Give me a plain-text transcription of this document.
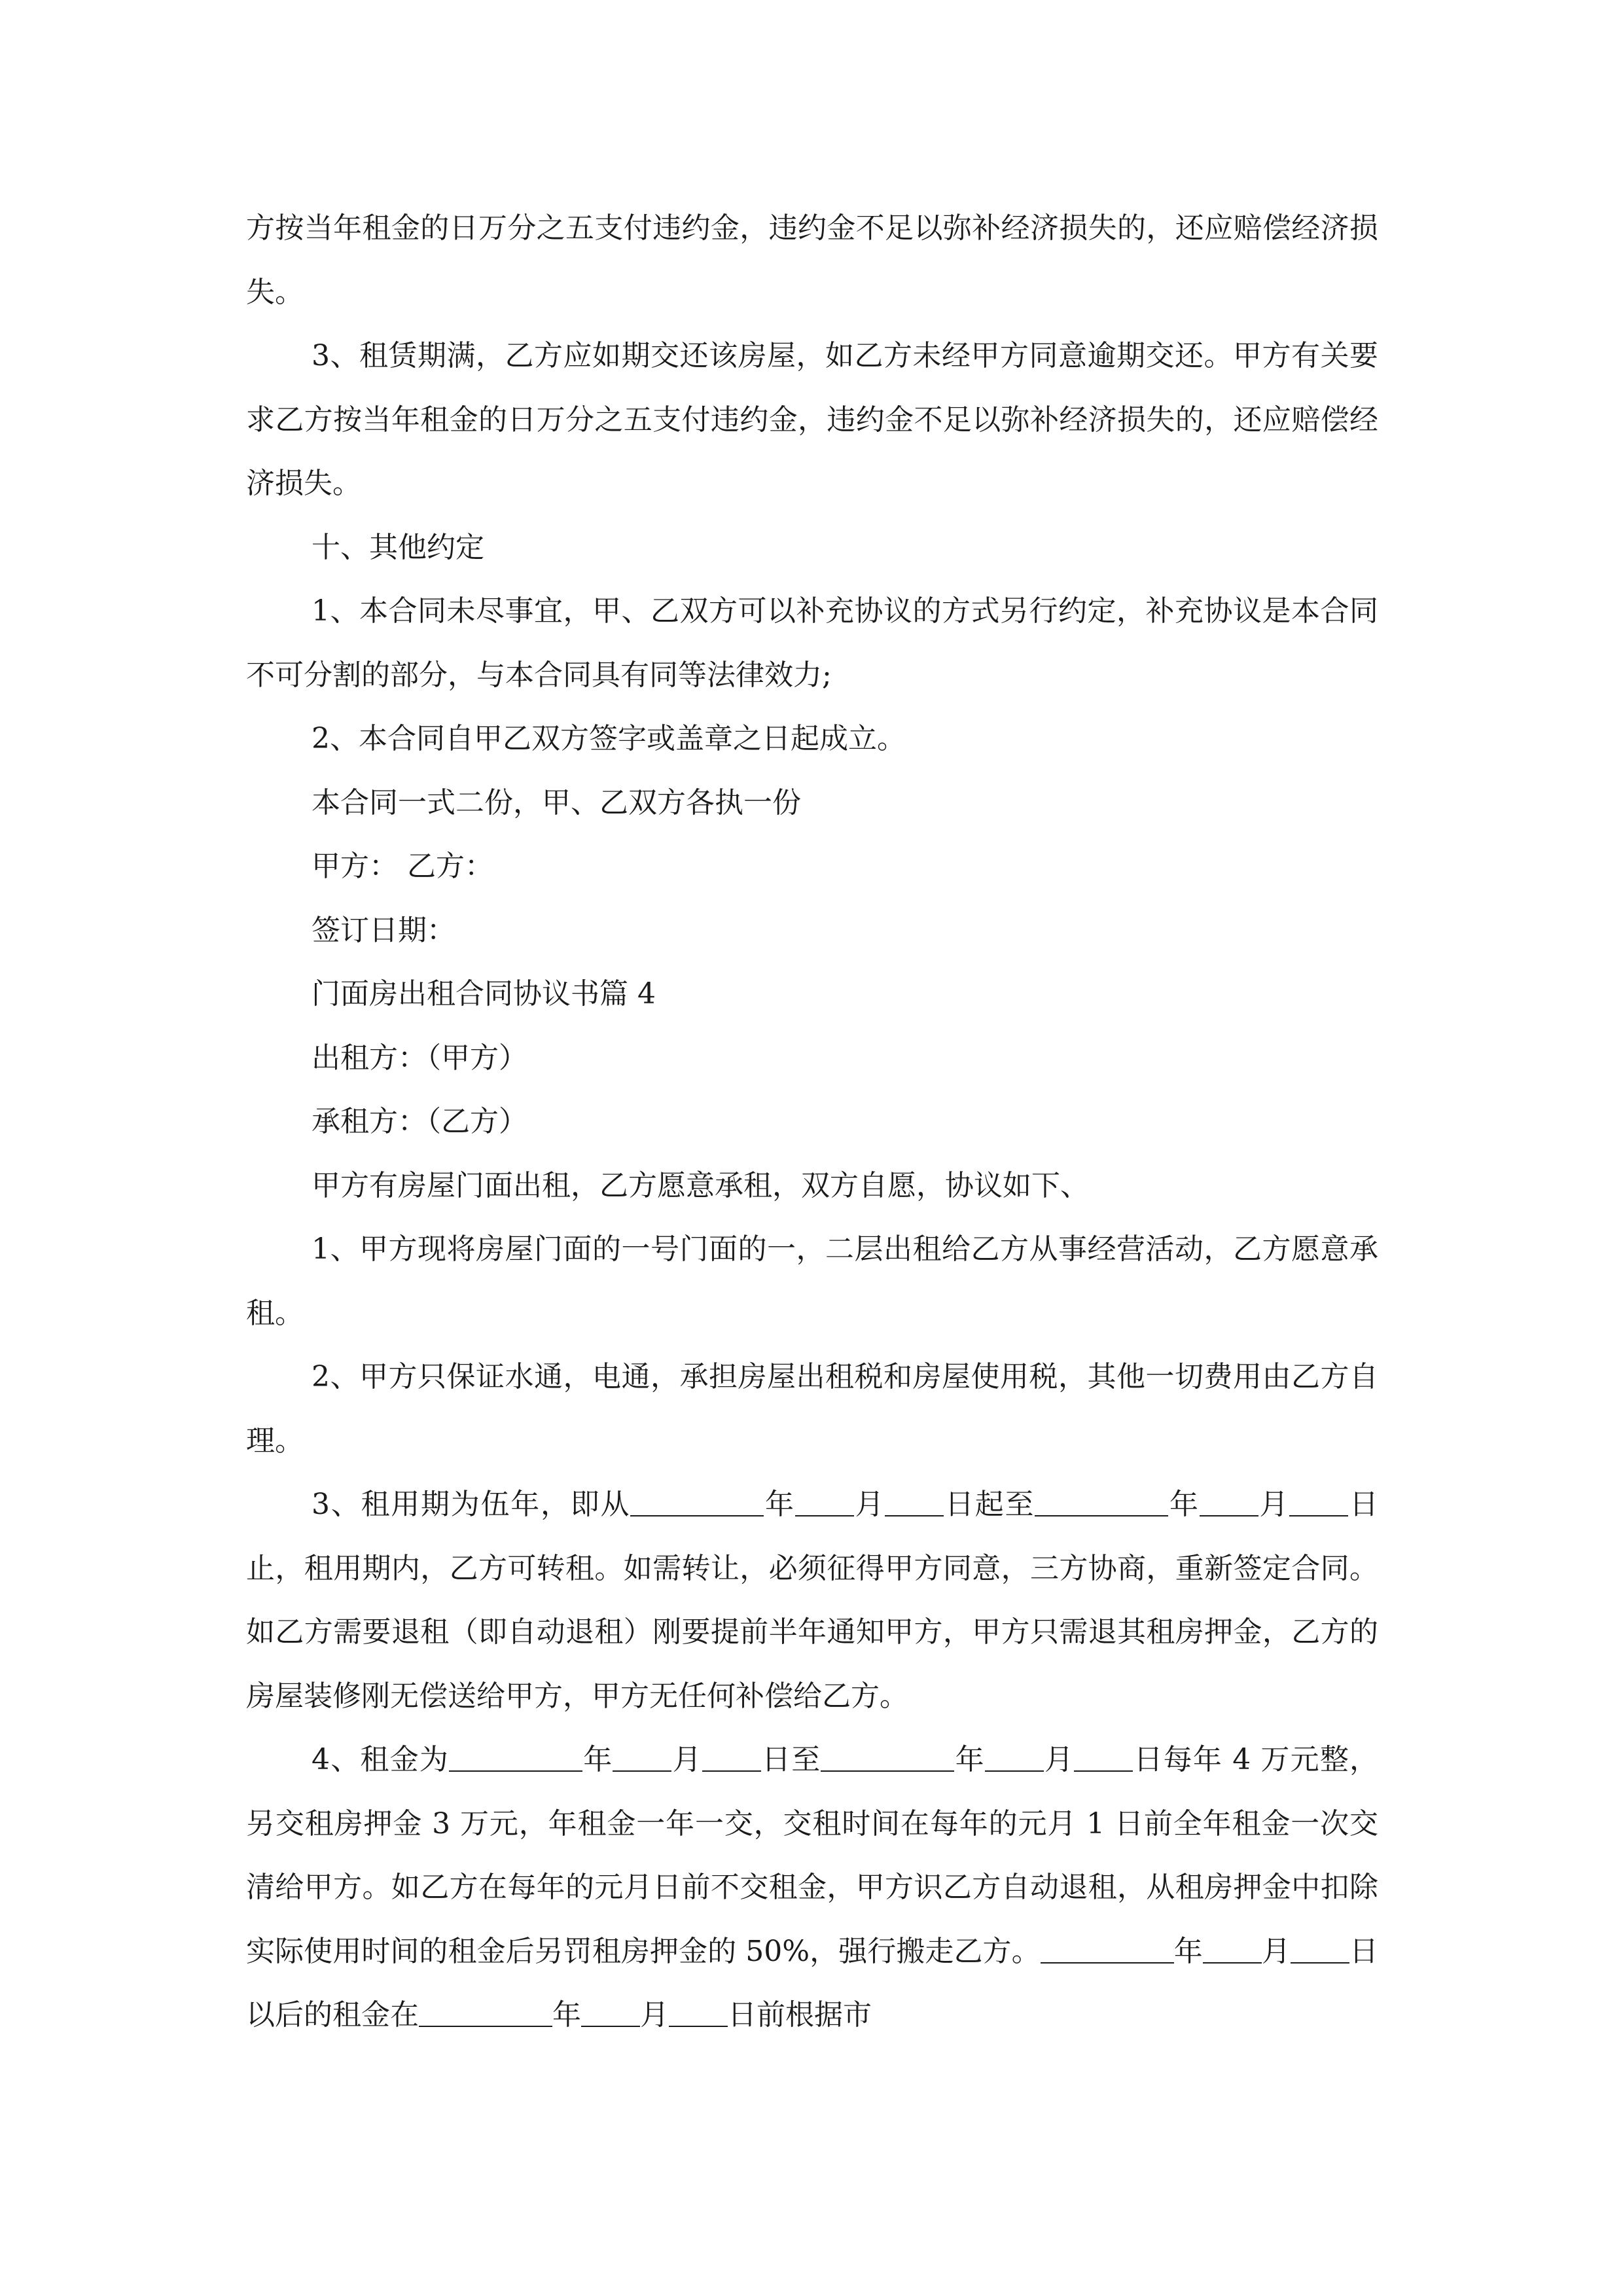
方按当年租金的日万分之五支付违约金，违约金不足以弥补经济损失的，还应赔偿经济损失。

3、租赁期满，乙方应如期交还该房屋，如乙方未经甲方同意逾期交还。甲方有关要求乙方按当年租金的日万分之五支付违约金，违约金不足以弥补经济损失的，还应赔偿经济损失。

十、其他约定

1、本合同未尽事宜，甲、乙双方可以补充协议的方式另行约定，补充协议是本合同不可分割的部分，与本合同具有同等法律效力;

2、本合同自甲乙双方签字或盖章之日起成立。

本合同一式二份，甲、乙双方各执一份

甲方： 乙方：

签订日期：

门面房出租合同协议书篇 4

出租方：（甲方）

承租方：（乙方）

甲方有房屋门面出租，乙方愿意承租，双方自愿，协议如下、

1、甲方现将房屋门面的一号门面的一，二层出租给乙方从事经营活动，乙方愿意承租。

2、甲方只保证水通，电通，承担房屋出租税和房屋使用税，其他一切费用由乙方自理。

3、租用期为伍年，即从	年 月 日起至	年 月 日止，租用期内，乙方可转租。如需转让，必须征得甲方同意，三方协商，重新签定合同。如乙方需要退租（即自动退租）刚要提前半年通知甲方，甲方只需退其租房押金，乙方的房屋装修刚无偿送给甲方，甲方无任何补偿给乙方。

4、租金为	年 月 日至	年 月 日每年 4 万元整，另交租房押金 3 万元，年租金一年一交，交租时间在每年的元月 1 日前全年租金一次交清给甲方。如乙方在每年的元月日前不交租金，甲方识乙方自动退租，从租房押金中扣除实际使用时间的租金后另罚租房押金的 50%，强行搬走乙方。	年 月 日以后的租金在	年 月 日前根据市
